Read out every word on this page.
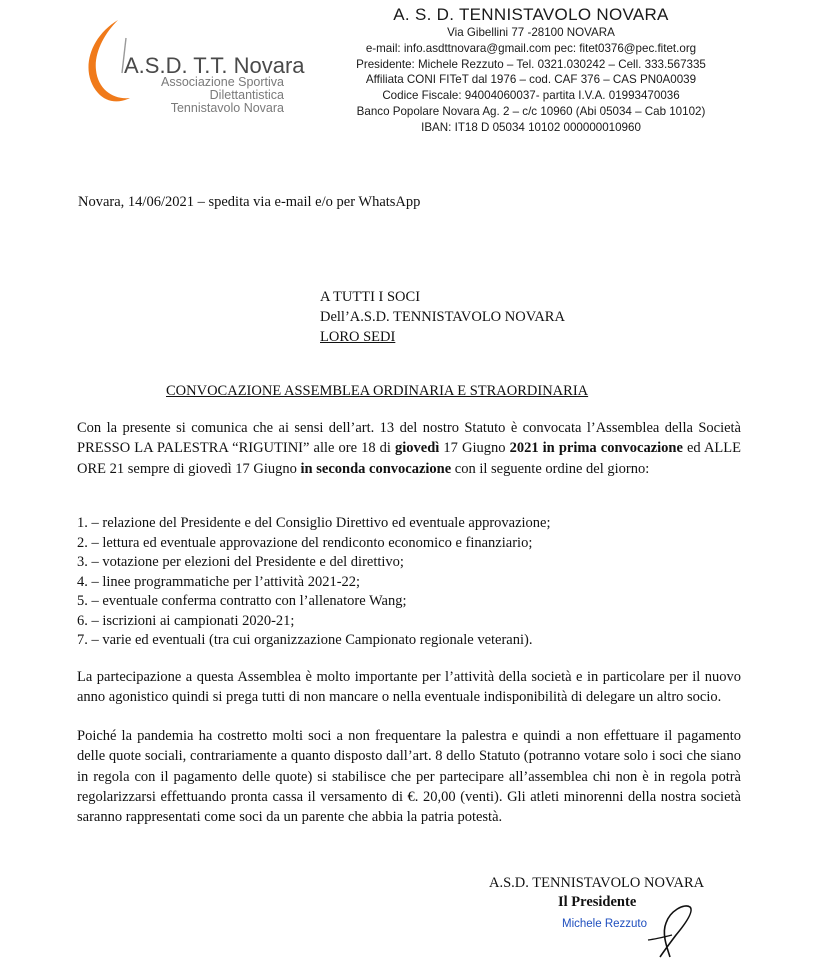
A.S.D. T.T. Novara
Associazione Sportiva
Dilettantistica
Tennistavolo Novara
A. S. D. TENNISTAVOLO NOVARA
Via Gibellini 77 -28100 NOVARA
e-mail: info.asdttnovara@gmail.com pec: fitet0376@pec.fitet.org
Presidente: Michele Rezzuto – Tel. 0321.030242 – Cell. 333.567335
Affiliata CONI FITeT dal 1976 – cod. CAF 376 – CAS PN0A0039
Codice Fiscale: 94004060037- partita I.V.A. 01993470036
Banco Popolare Novara Ag. 2 – c/c 10960 (Abi 05034 – Cab 10102)
IBAN: IT18 D 05034 10102 000000010960
Novara, 14/06/2021 – spedita via e-mail e/o per WhatsApp
A TUTTI I SOCI
Dell’A.S.D. TENNISTAVOLO NOVARA
LORO SEDI
CONVOCAZIONE ASSEMBLEA ORDINARIA E STRAORDINARIA
Con la presente si comunica che ai sensi dell’art. 13 del nostro Statuto è convocata l’Assemblea della Società PRESSO LA PALESTRA “RIGUTINI” alle ore 18 di giovedì 17 Giugno 2021 in prima convocazione ed ALLE ORE 21 sempre di giovedì 17 Giugno in seconda convocazione con il seguente ordine del giorno:
1. – relazione del Presidente e del Consiglio Direttivo ed eventuale approvazione;
2. – lettura ed eventuale approvazione del rendiconto economico e finanziario;
3. – votazione per elezioni del Presidente e del direttivo;
4. – linee programmatiche per l’attività 2021-22;
5. – eventuale conferma contratto con l’allenatore Wang;
6. – iscrizioni ai campionati 2020-21;
7. – varie ed eventuali (tra cui organizzazione Campionato regionale veterani).
La partecipazione a questa Assemblea è molto importante per l’attività della società e in particolare per il nuovo anno agonistico quindi si prega tutti di non mancare o nella eventuale indisponibilità di delegare un altro socio.
Poiché la pandemia ha costretto molti soci a non frequentare la palestra e quindi a non effettuare il pagamento delle quote sociali, contrariamente a quanto disposto dall’art. 8 dello Statuto (potranno votare solo i soci che siano in regola con il pagamento delle quote) si stabilisce che per partecipare all’assemblea chi non è in regola potrà regolarizzarsi effettuando pronta cassa il versamento di €. 20,00 (venti). Gli atleti minorenni della nostra società saranno rappresentati come soci da un parente che abbia la patria potestà.
A.S.D. TENNISTAVOLO NOVARA
Il Presidente
Michele Rezzuto
